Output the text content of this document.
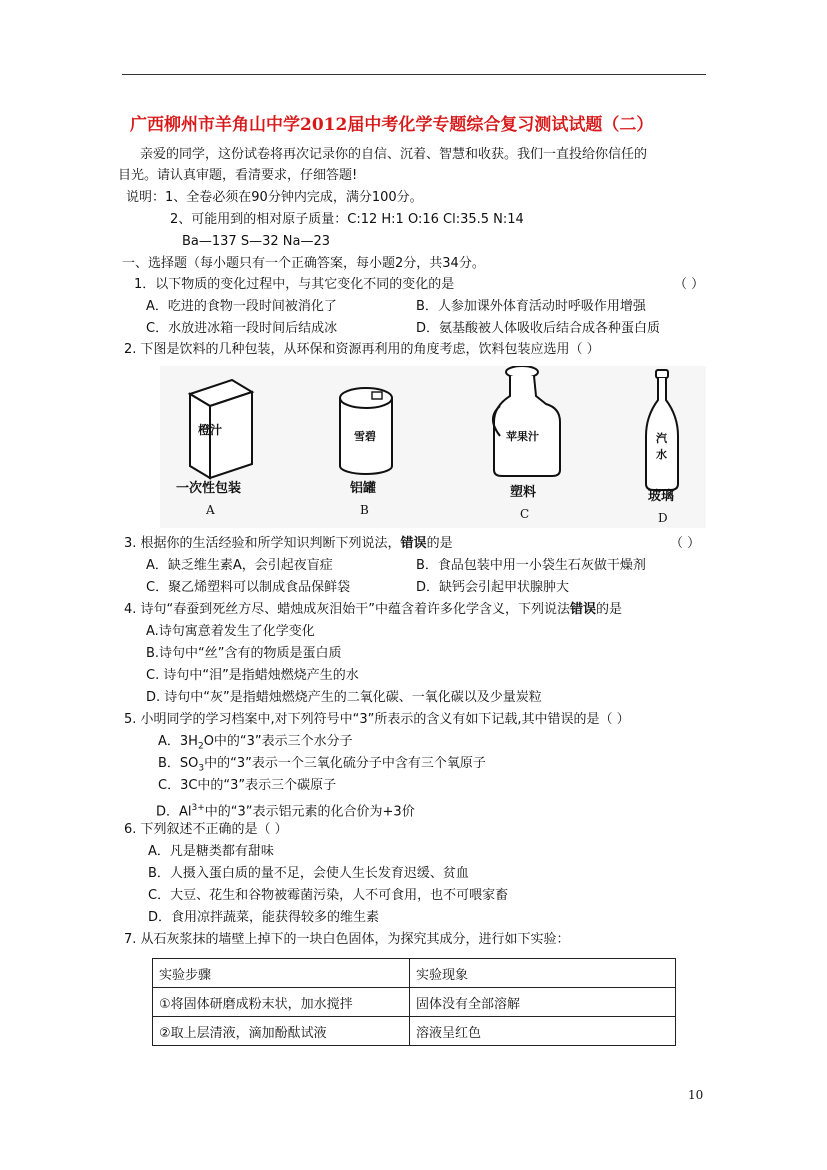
广西柳州市羊角山中学2012届中考化学专题综合复习测试试题（二）
亲爱的同学，这份试卷将再次记录你的自信、沉着、智慧和收获。我们一直投给你信任的
目光。请认真审题，看清要求，仔细答题!
说明：1、全卷必须在90分钟内完成，满分100分。
2、可能用到的相对原子质量：C:12 H:1 O:16 Cl:35.5 N:14
Ba—137 S—32 Na—23
一、选择题（每小题只有一个正确答案，每小题2分，共34分。
1．以下物质的变化过程中，与其它变化不同的变化的是	（ ）
A．吃进的食物一段时间被消化了	B．人参加课外体育活动时呼吸作用增强
C．水放进冰箱一段时间后结成冰	D．氨基酸被人体吸收后结合成各种蛋白质
2. 下图是饮料的几种包装，从环保和资源再利用的角度考虑，饮料包装应选用（ ）
橙汁
一次性包装
A
雪碧
铝罐
B
苹果汁
塑料
C
汽
水
玻璃
D
3. 根据你的生活经验和所学知识判断下列说法，错误的是	（ ）
A．缺乏维生素A，会引起夜盲症	B．食品包装中用一小袋生石灰做干燥剂
C．聚乙烯塑料可以制成食品保鲜袋	D．缺钙会引起甲状腺肿大
4. 诗句“春蚕到死丝方尽、蜡烛成灰泪始干”中蕴含着许多化学含义，下列说法错误的是
A.诗句寓意着发生了化学变化
B.诗句中“丝”含有的物质是蛋白质
C. 诗句中“泪”是指蜡烛燃烧产生的水
D. 诗句中“灰”是指蜡烛燃烧产生的二氧化碳、一氧化碳以及少量炭粒
5. 小明同学的学习档案中,对下列符号中“3”所表示的含义有如下记载,其中错误的是（ ）
A．$3H_2O$中的“3”表示三个水分子
B．$SO_3$中的“3”表示一个三氧化硫分子中含有三个氧原子
C．3C中的“3”表示三个碳原子
D．$Al^{3+}$中的“3”表示铝元素的化合价为+3价
6. 下列叙述不正确的是（ ）
A．凡是糖类都有甜味
B．人摄入蛋白质的量不足，会使人生长发育迟缓、贫血
C．大豆、花生和谷物被霉菌污染，人不可食用，也不可喂家畜
D．食用凉拌蔬菜，能获得较多的维生素
7. 从石灰浆抹的墙壁上掉下的一块白色固体，为探究其成分，进行如下实验：
实验步骤	实验现象
①将固体研磨成粉末状，加水搅拌	固体没有全部溶解
②取上层清液，滴加酚酞试液	溶液呈红色
10
